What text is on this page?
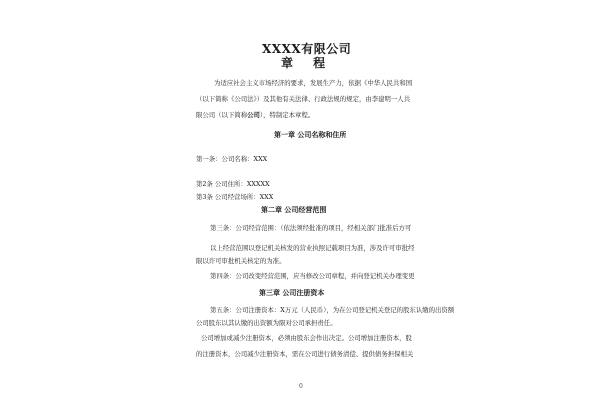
XXXX有限公司
章 程
为适应社会主义市场经济的要求，发展生产力，依据《中华人民共和国
（以下简称《公司法》）及其他有关法律、行政法规的规定，由李建明一人共
限公司（以下简称公司），特制定本章程。
第一章 公司名称和住所
第一条：公司名称：XXX
第2条 公司住所：XXXXX
第3条 公司经营场所：XXX
第二章 公司经营范围
第三条：公司经营范围：（依法须经批准的项目，经相关部门批准后方可
以上经营范围以登记机关核发的营业执照记载项目为准，涉及许可审批经
限以许可审批机关核定的为准。
第四条：公司改变经营范围，应当修改公司章程，并向登记机关办理变更
第三章 公司注册资本
第五条：公司注册资本：X万元（人民币），为在公司登记机关登记的股东认缴的出资额
公司股东以其认缴的出资额为限对公司承担责任。
公司增加或减少注册资本，必须由股东会作出决定。公司增加注册资本，股
的注册资本，公司减少注册资本，需在公司进行债务清偿、提供债务担保相关
0
